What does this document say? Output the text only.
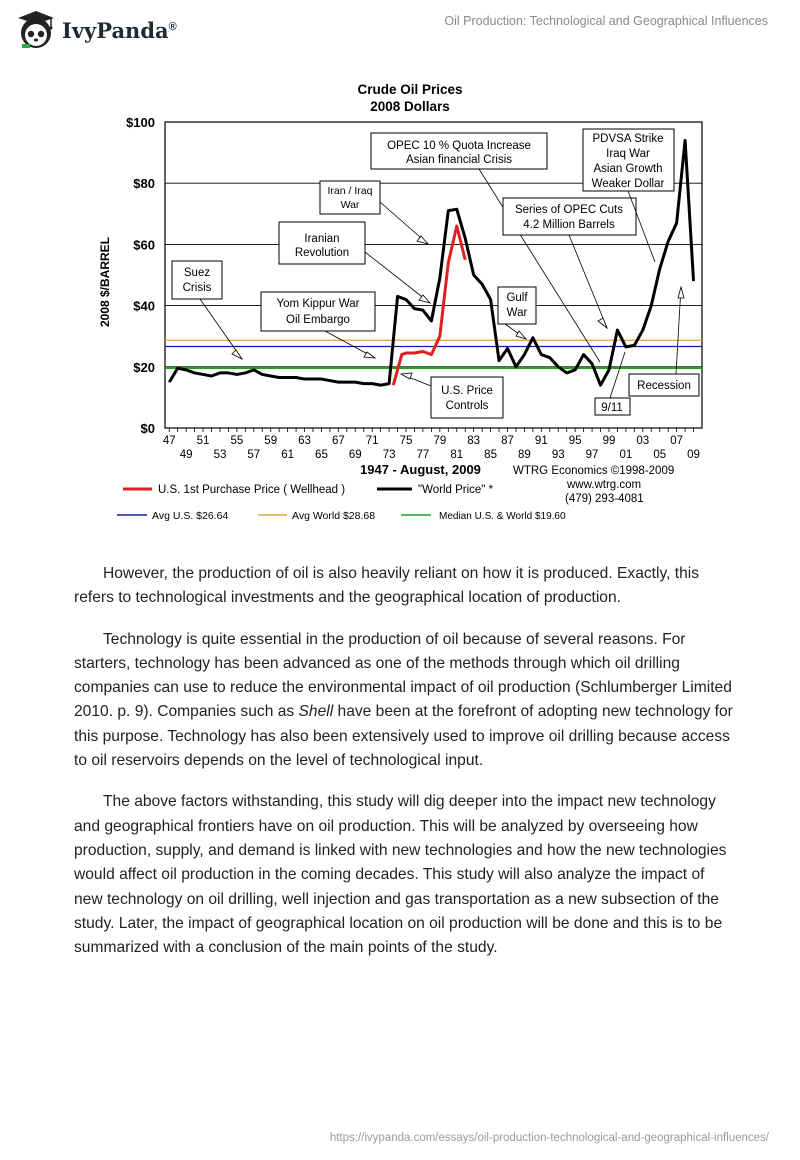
IvyPanda®	Oil Production: Technological and Geographical Influences
Crude Oil Prices
2008 Dollars
2008 $/BARREL
$0
$20
$40
$60
$80
$100
47 51 55 59 63 67 71 75 79 83 87 91 95 99 03 07
49 53 57 61 65 69 73 77 81 85 89 93 97 01 05 09
Suez
Crisis
Yom Kippur War
Oil Embargo
Iranian
Revolution
Iran / Iraq
War
OPEC 10 % Quota Increase
Asian financial Crisis
Series of OPEC Cuts
4.2 Million Barrels
PDVSA Strike
Iraq War
Asian Growth
Weaker Dollar
Gulf
War
U.S. Price
Controls	9/11
Recession
1947 - August, 2009	WTRG Economics ©1998-2009
www.wtrg.com
(479) 293-4081
U.S. 1st Purchase Price ( Wellhead )	"World Price" *
Avg U.S. $26.64	Avg World $28.68	Median U.S. & World $19.60

However, the production of oil is also heavily reliant on how it is produced. Exactly, this refers to technological investments and the geographical location of production.

Technology is quite essential in the production of oil because of several reasons. For starters, technology has been advanced as one of the methods through which oil drilling companies can use to reduce the environmental impact of oil production (Schlumberger Limited 2010. p. 9). Companies such as Shell have been at the forefront of adopting new technology for this purpose. Technology has also been extensively used to improve oil drilling because access to oil reservoirs depends on the level of technological input.

The above factors withstanding, this study will dig deeper into the impact new technology and geographical frontiers have on oil production. This will be analyzed by overseeing how production, supply, and demand is linked with new technologies and how the new technologies would affect oil production in the coming decades. This study will also analyze the impact of new technology on oil drilling, well injection and gas transportation as a new subsection of the study. Later, the impact of geographical location on oil production will be done and this is to be summarized with a conclusion of the main points of the study.

https://ivypanda.com/essays/oil-production-technological-and-geographical-influences/
